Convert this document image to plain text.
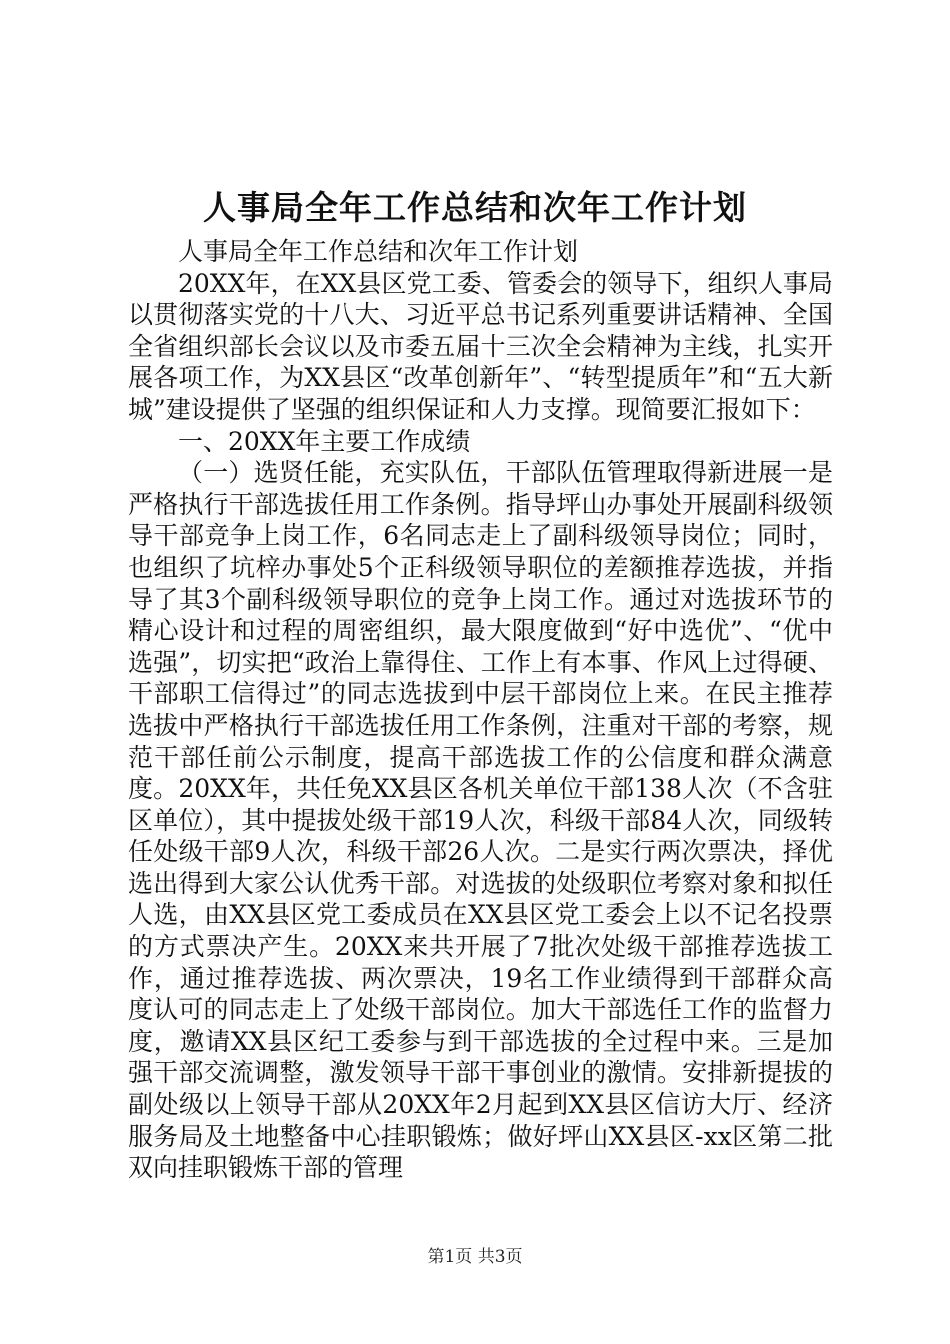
人事局全年工作总结和次年工作计划

人事局全年工作总结和次年工作计划

20XX年，在XX县区党工委、管委会的领导下，组织人事局以贯彻落实党的十八大、习近平总书记系列重要讲话精神、全国全省组织部长会议以及市委五届十三次全会精神为主线，扎实开展各项工作，为XX县区“改革创新年”、“转型提质年”和“五大新城”建设提供了坚强的组织保证和人力支撑。现简要汇报如下：

一、20XX年主要工作成绩

（一）选贤任能，充实队伍，干部队伍管理取得新进展一是严格执行干部选拔任用工作条例。指导坪山办事处开展副科级领导干部竞争上岗工作，6名同志走上了副科级领导岗位；同时，也组织了坑梓办事处5个正科级领导职位的差额推荐选拔，并指导了其3个副科级领导职位的竞争上岗工作。通过对选拔环节的精心设计和过程的周密组织，最大限度做到“好中选优”、“优中选强”，切实把“政治上靠得住、工作上有本事、作风上过得硬、干部职工信得过”的同志选拔到中层干部岗位上来。在民主推荐选拔中严格执行干部选拔任用工作条例，注重对干部的考察，规范干部任前公示制度，提高干部选拔工作的公信度和群众满意度。20XX年，共任免XX县区各机关单位干部138人次（不含驻区单位），其中提拔处级干部19人次，科级干部84人次，同级转任处级干部9人次，科级干部26人次。二是实行两次票决，择优选出得到大家公认优秀干部。对选拔的处级职位考察对象和拟任人选，由XX县区党工委成员在XX县区党工委会上以不记名投票的方式票决产生。20XX来共开展了7批次处级干部推荐选拔工作，通过推荐选拔、两次票决，19名工作业绩得到干部群众高度认可的同志走上了处级干部岗位。加大干部选任工作的监督力度，邀请XX县区纪工委参与到干部选拔的全过程中来。三是加强干部交流调整，激发领导干部干事创业的激情。安排新提拔的副处级以上领导干部从20XX年2月起到XX县区信访大厅、经济服务局及土地整备中心挂职锻炼；做好坪山XX县区-xx区第二批双向挂职锻炼干部的管理

第1页 共3页
